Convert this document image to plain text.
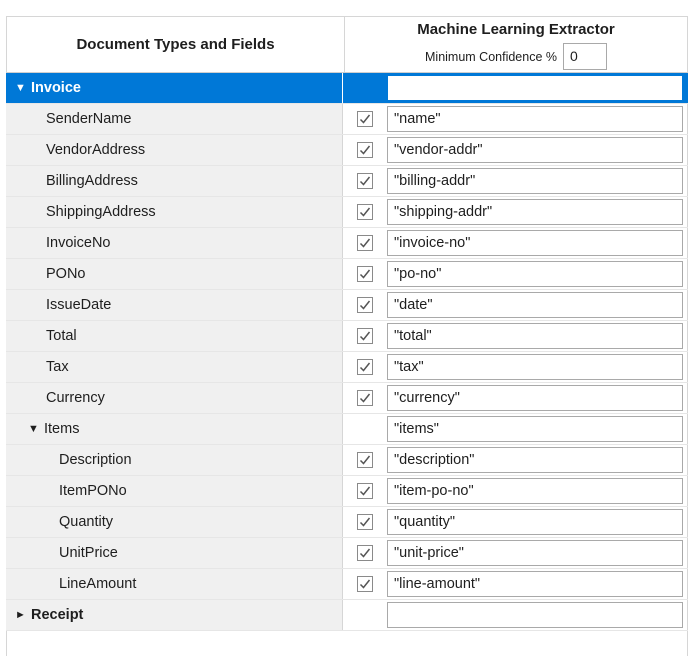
Document Types and Fields
Machine Learning Extractor
Minimum Confidence % 0
▼ Invoice
SenderName	"name"
VendorAddress	"vendor-addr"
BillingAddress	"billing-addr"
ShippingAddress	"shipping-addr"
InvoiceNo	"invoice-no"
PONo	"po-no"
IssueDate	"date"
Total	"total"
Tax	"tax"
Currency	"currency"
▼ Items	"items"
Description	"description"
ItemPONo	"item-po-no"
Quantity	"quantity"
UnitPrice	"unit-price"
LineAmount	"line-amount"
► Receipt
